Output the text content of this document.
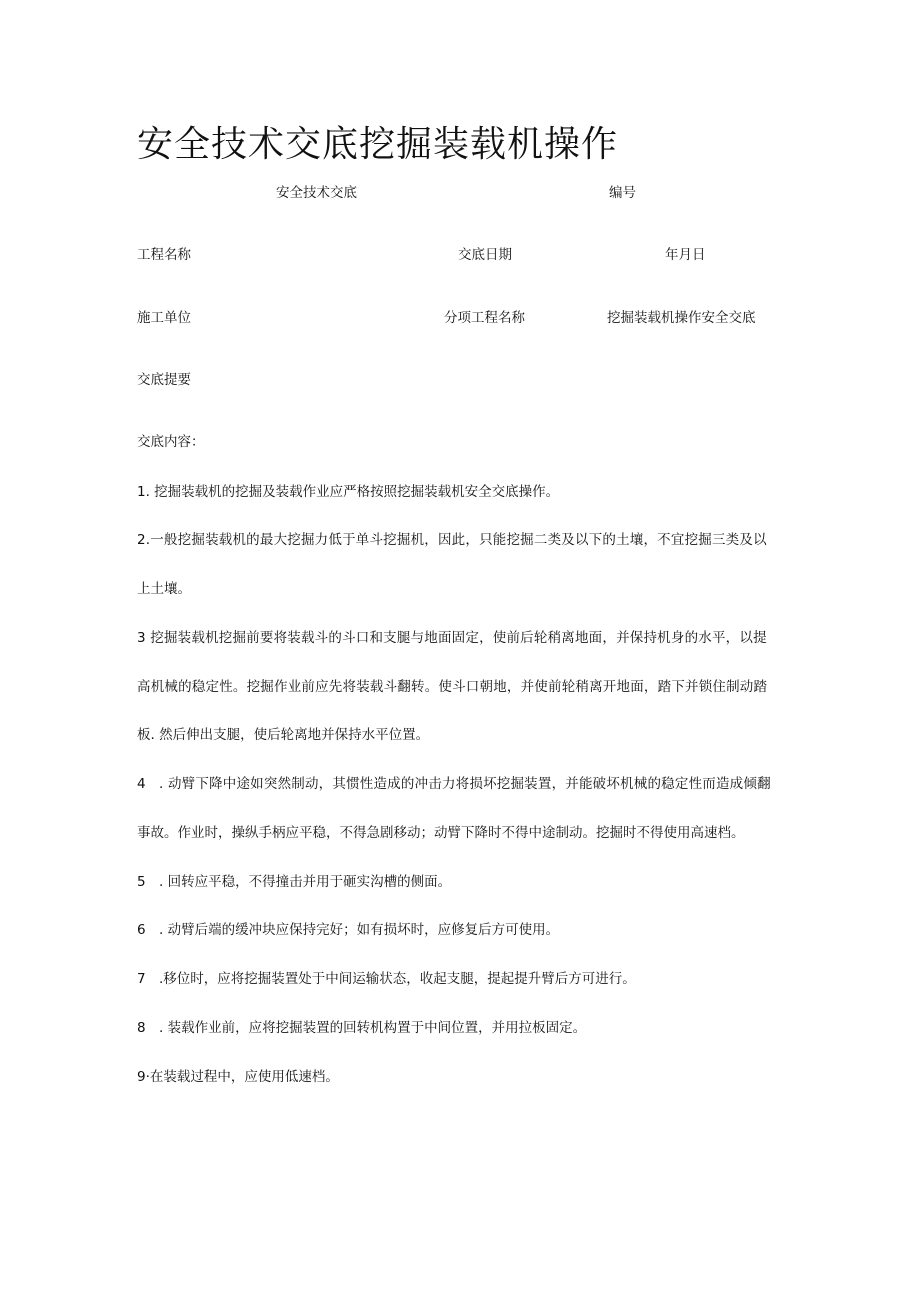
安全技术交底挖掘装载机操作
安全技术交底	编号
工程名称	交底日期	年月日
施工单位	分项工程名称	挖掘装载机操作安全交底
交底提要
交底内容：
1. 挖掘装载机的挖掘及装载作业应严格按照挖掘装载机安全交底操作。
2.一般挖掘装载机的最大挖掘力低于单斗挖掘机，因此，只能挖掘二类及以下的土壤，不宜挖掘三类及以
上土壤。
3 挖掘装载机挖掘前要将装载斗的斗口和支腿与地面固定，使前后轮稍离地面，并保持机身的水平，以提
高机械的稳定性。挖掘作业前应先将装载斗翻转。使斗口朝地，并使前轮稍离开地面，踏下并锁住制动踏
板. 然后伸出支腿，使后轮离地并保持水平位置。
4 . 动臂下降中途如突然制动，其惯性造成的冲击力将损坏挖掘装置，并能破坏机械的稳定性而造成倾翻
事故。作业时，操纵手柄应平稳，不得急剧移动；动臂下降时不得中途制动。挖掘时不得使用高速档。
5 . 回转应平稳，不得撞击并用于砸实沟槽的侧面。
6 . 动臂后端的缓冲块应保持完好；如有损坏时，应修复后方可使用。
7 .移位时，应将挖掘装置处于中间运输状态，收起支腿，提起提升臂后方可进行。
8 . 装载作业前，应将挖掘装置的回转机构置于中间位置，并用拉板固定。
9·在装载过程中，应使用低速档。
